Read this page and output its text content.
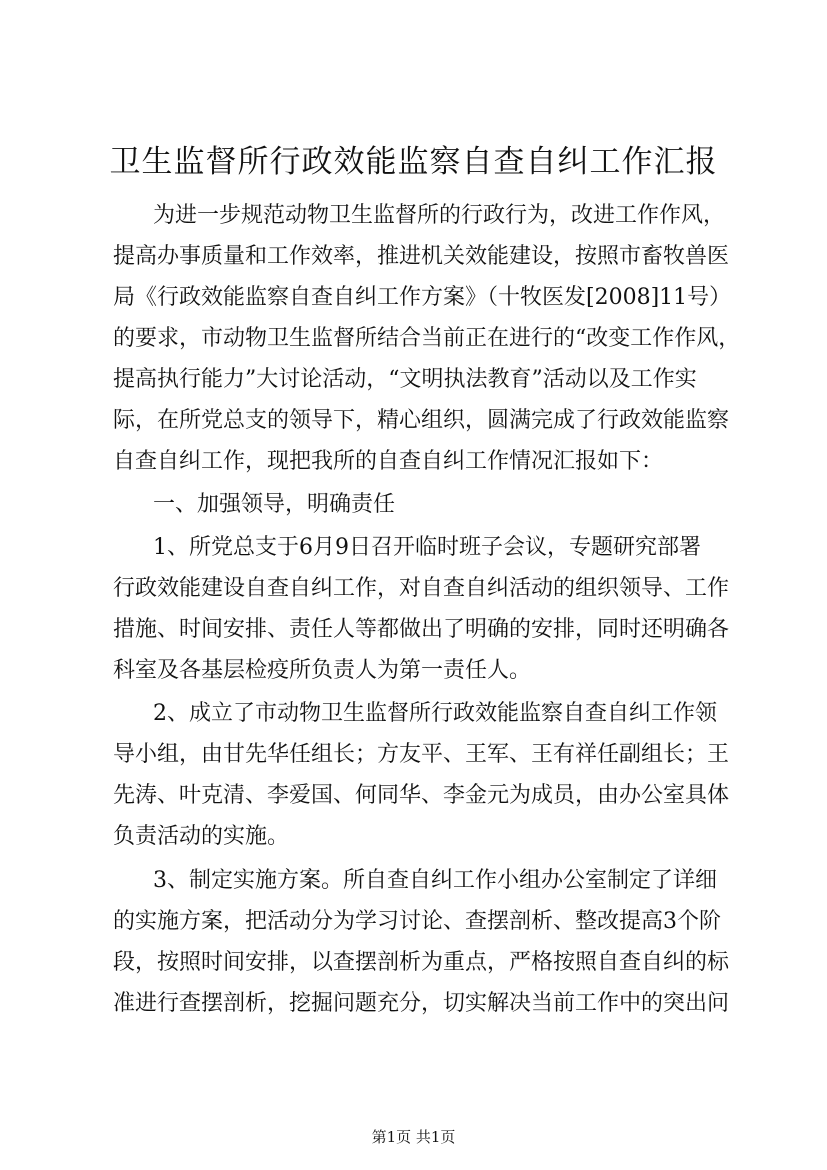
卫生监督所行政效能监察自查自纠工作汇报
为进一步规范动物卫生监督所的行政行为，改进工作作风，
提高办事质量和工作效率，推进机关效能建设，按照市畜牧兽医
局《行政效能监察自查自纠工作方案》（十牧医发[2008]11号）
的要求，市动物卫生监督所结合当前正在进行的“改变工作作风，
提高执行能力”大讨论活动，“文明执法教育”活动以及工作实
际，在所党总支的领导下，精心组织，圆满完成了行政效能监察
自查自纠工作，现把我所的自查自纠工作情况汇报如下：
一、加强领导，明确责任
1、所党总支于6月9日召开临时班子会议，专题研究部署
行政效能建设自查自纠工作，对自查自纠活动的组织领导、工作
措施、时间安排、责任人等都做出了明确的安排，同时还明确各
科室及各基层检疫所负责人为第一责任人。
2、成立了市动物卫生监督所行政效能监察自查自纠工作领
导小组，由甘先华任组长；方友平、王军、王有祥任副组长；王
先涛、叶克清、李爱国、何同华、李金元为成员，由办公室具体
负责活动的实施。
3、制定实施方案。所自查自纠工作小组办公室制定了详细
的实施方案，把活动分为学习讨论、查摆剖析、整改提高3个阶
段，按照时间安排，以查摆剖析为重点，严格按照自查自纠的标
准进行查摆剖析，挖掘问题充分，切实解决当前工作中的突出问
第1页 共1页
